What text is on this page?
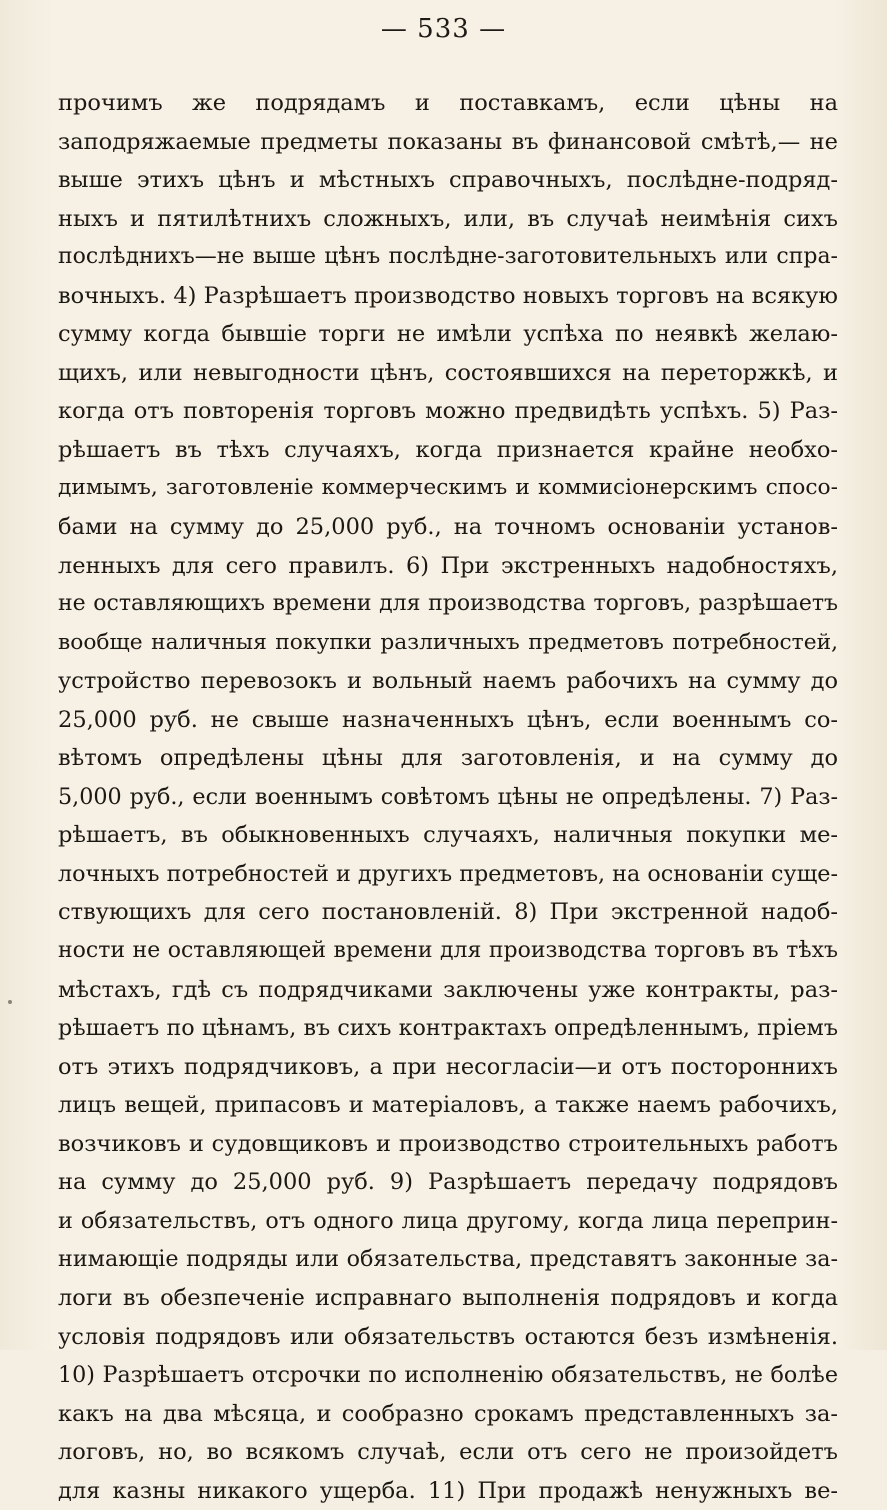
— 533 —
прочимъ же подрядамъ и поставкамъ, если цѣны на
заподряжаемые предметы показаны въ финансовой смѣтѣ,— не
выше этихъ цѣнъ и мѣстныхъ справочныхъ, послѣдне-подряд-
ныхъ и пятилѣтнихъ сложныхъ, или, въ случаѣ неимѣнія сихъ
послѣднихъ—не выше цѣнъ послѣдне-заготовительныхъ или спра-
вочныхъ. 4) Разрѣшаетъ производство новыхъ торговъ на всякую
сумму когда бывшіе торги не имѣли успѣха по неявкѣ желаю-
щихъ, или невыгодности цѣнъ, состоявшихся на переторжкѣ, и
когда отъ повторенія торговъ можно предвидѣть успѣхъ. 5) Раз-
рѣшаетъ въ тѣхъ случаяхъ, когда признается крайне необхо-
димымъ, заготовленіе коммерческимъ и коммисіонерскимъ спосо-
бами на сумму до 25,000 руб., на точномъ основаніи установ-
ленныхъ для сего правилъ. 6) При экстренныхъ надобностяхъ,
не оставляющихъ времени для производства торговъ, разрѣшаетъ
вообще наличныя покупки различныхъ предметовъ потребностей,
устройство перевозокъ и вольный наемъ рабочихъ на сумму до
25,000 руб. не свыше назначенныхъ цѣнъ, если военнымъ со-
вѣтомъ опредѣлены цѣны для заготовленія, и на сумму до
5,000 руб., если военнымъ совѣтомъ цѣны не опредѣлены. 7) Раз-
рѣшаетъ, въ обыкновенныхъ случаяхъ, наличныя покупки ме-
лочныхъ потребностей и другихъ предметовъ, на основаніи суще-
ствующихъ для сего постановленій. 8) При экстренной надоб-
ности не оставляющей времени для производства торговъ въ тѣхъ
мѣстахъ, гдѣ съ подрядчиками заключены уже контракты, раз-
рѣшаетъ по цѣнамъ, въ сихъ контрактахъ опредѣленнымъ, пріемъ
отъ этихъ подрядчиковъ, а при несогласіи—и отъ постороннихъ
лицъ вещей, припасовъ и матеріаловъ, а также наемъ рабочихъ,
возчиковъ и судовщиковъ и производство строительныхъ работъ
на сумму до 25,000 руб. 9) Разрѣшаетъ передачу подрядовъ
и обязательствъ, отъ одного лица другому, когда лица переприн-
нимающіе подряды или обязательства, представятъ законные за-
логи въ обезпеченіе исправнаго выполненія подрядовъ и когда
условія подрядовъ или обязательствъ остаются безъ измѣненія.
10) Разрѣшаетъ отсрочки по исполненію обязательствъ, не болѣе
какъ на два мѣсяца, и сообразно срокамъ представленныхъ за-
логовъ, но, во всякомъ случаѣ, если отъ сего не произойдетъ
для казны никакого ущерба. 11) При продажѣ ненужныхъ ве-
